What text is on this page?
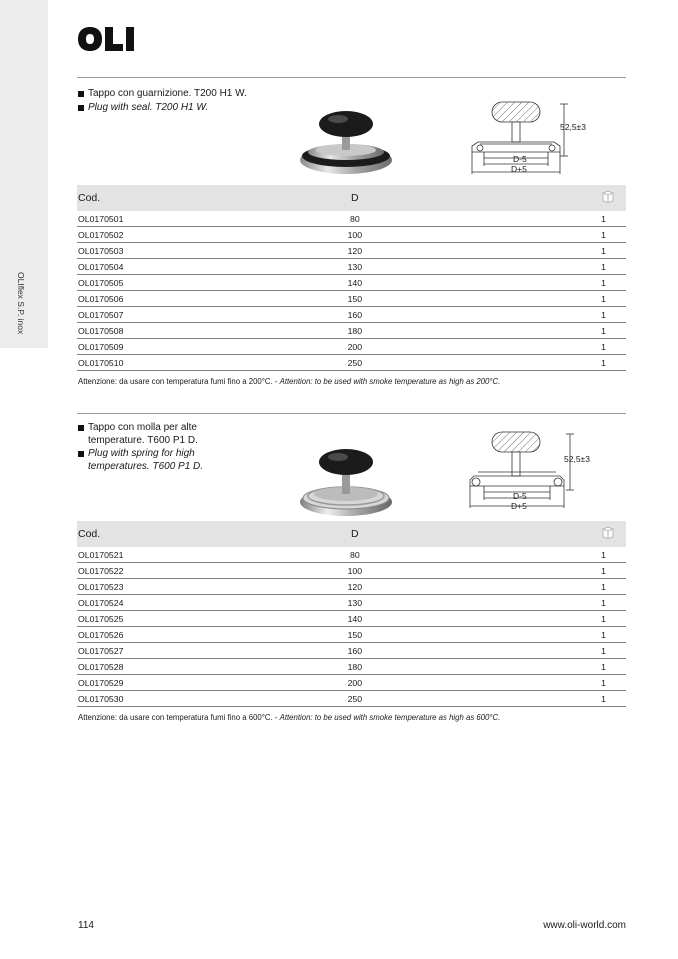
OLIflex S.P. inox
Tappo con guarnizione. T200 H1 W.
Plug with seal. T200 H1 W.
52,5±3
D-5
D+5
Cod.	D	
OL0170501	80	1
OL0170502	100	1
OL0170503	120	1
OL0170504	130	1
OL0170505	140	1
OL0170506	150	1
OL0170507	160	1
OL0170508	180	1
OL0170509	200	1
OL0170510	250	1
Attenzione: da usare con temperatura fumi fino a 200°C. - Attention: to be used with smoke temperature as high as 200°C.
Tappo con molla per alte
temperature. T600 P1 D.
Plug with spring for high
temperatures. T600 P1 D.
52,5±3
D-5
D+5
Cod.	D	
OL0170521	80	1
OL0170522	100	1
OL0170523	120	1
OL0170524	130	1
OL0170525	140	1
OL0170526	150	1
OL0170527	160	1
OL0170528	180	1
OL0170529	200	1
OL0170530	250	1
Attenzione: da usare con temperatura fumi fino a 600°C. - Attention: to be used with smoke temperature as high as 600°C.
114	www.oli-world.com
